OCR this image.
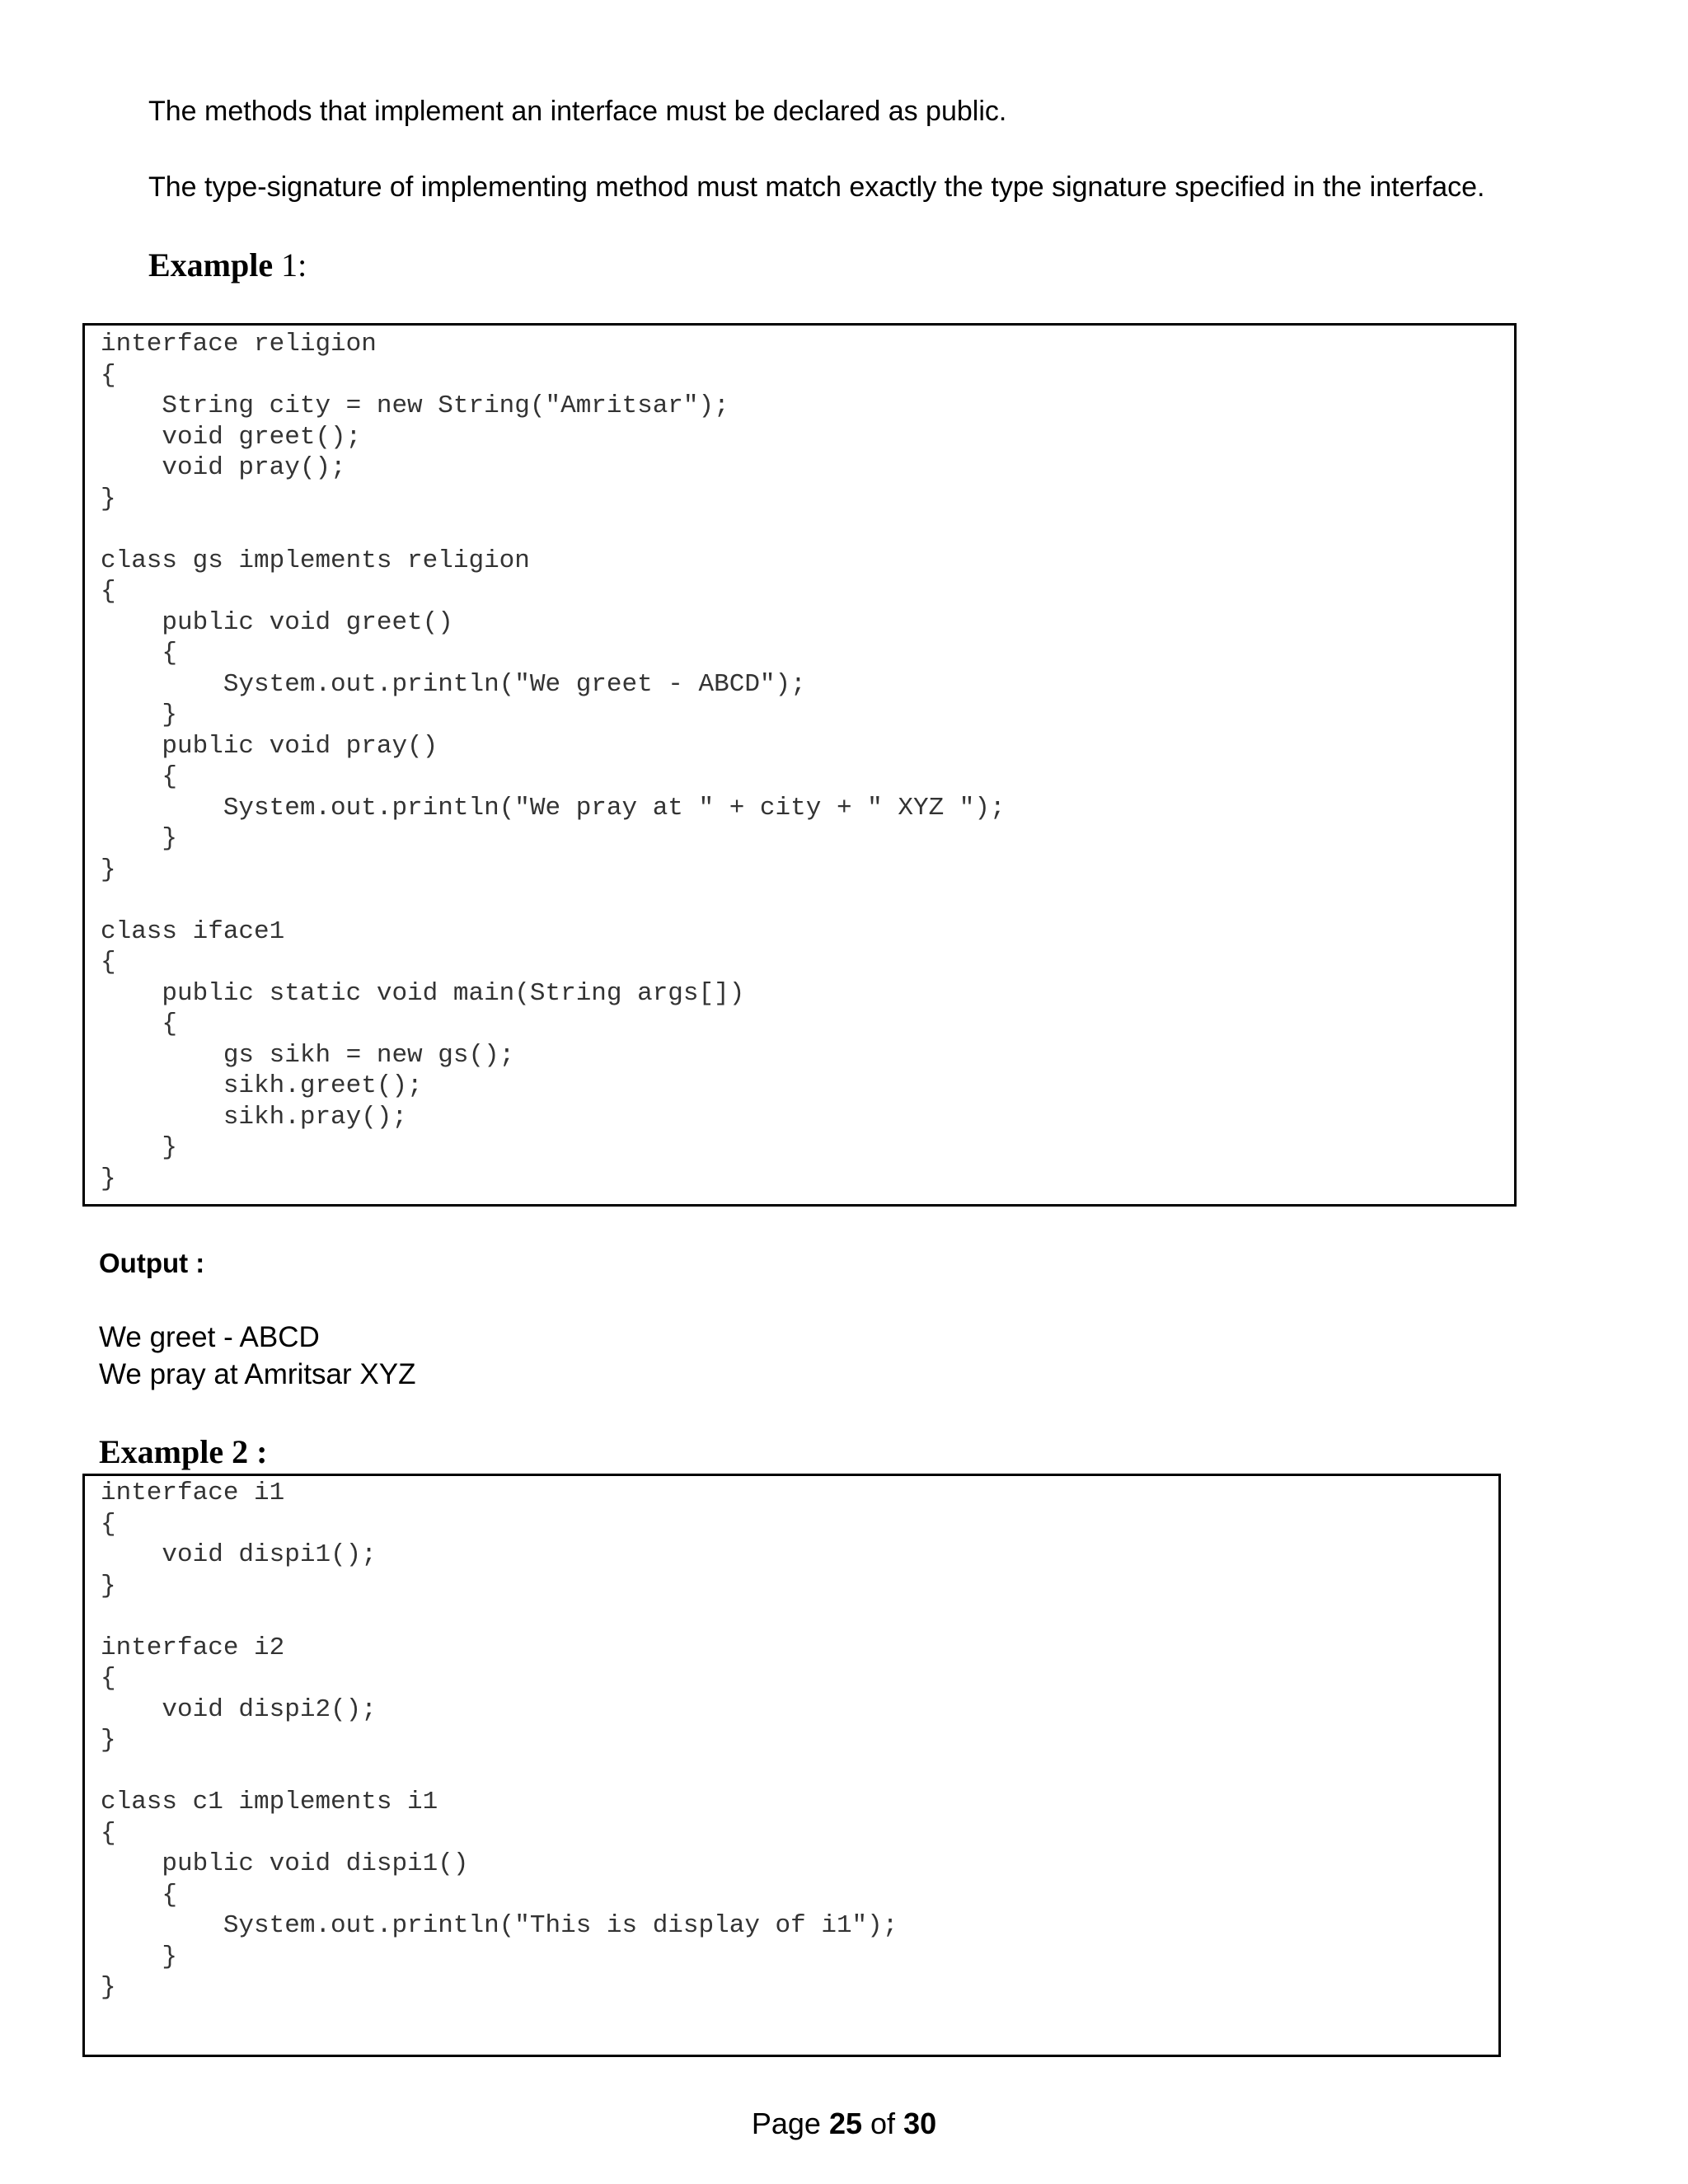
The methods that implement an interface must be declared as public.
The type-signature of implementing method must match exactly the type signature specified in the interface.
Example 1:
interface religion
{
String city = new String("Amritsar");
void greet();
void pray();
}

class gs implements religion
{
public void greet()
{
System.out.println("We greet - ABCD");
}
public void pray()
{
System.out.println("We pray at " + city + " XYZ ");
}
}

class iface1
{
public static void main(String args[])
{
gs sikh = new gs();
sikh.greet();
sikh.pray();
}
}
Output :
We greet - ABCD
We pray at Amritsar XYZ
Example 2 :
interface i1
{
void dispi1();
}

interface i2
{
void dispi2();
}

class c1 implements i1
{
public void dispi1()
{
System.out.println("This is display of i1");
}
}
Page 25 of 30
